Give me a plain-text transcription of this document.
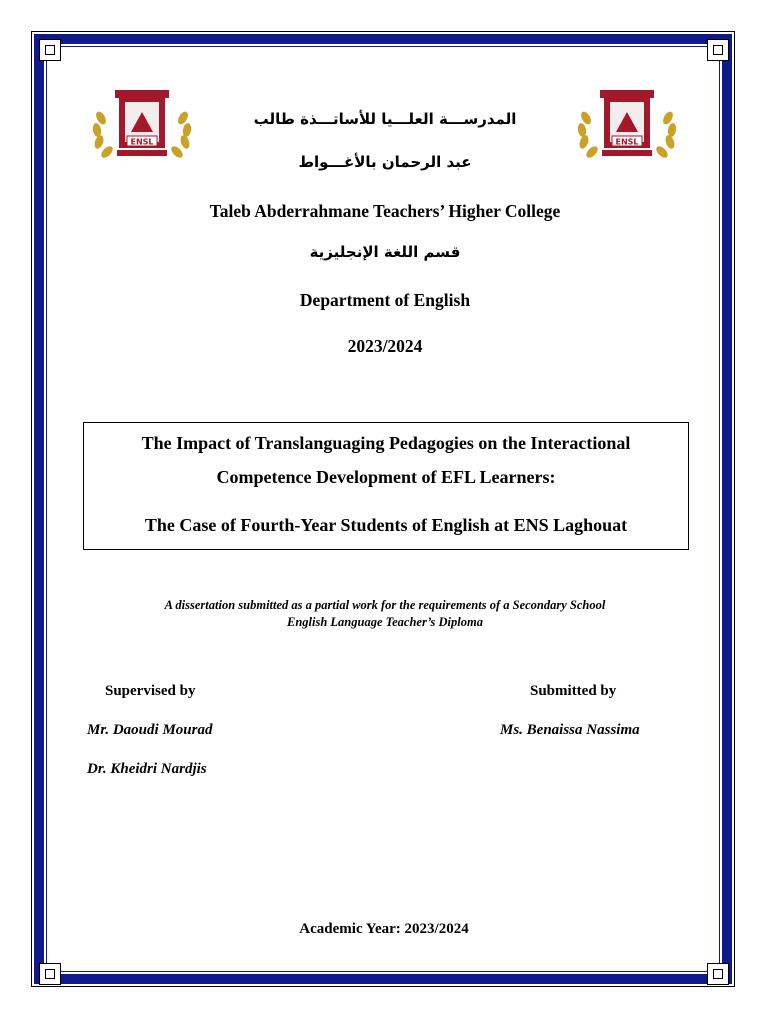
ENSL	ENSL
المدرســـة العلـــيا للأساتـــذة طالب
عبد الرحمان بالأغـــواط
Taleb Abderrahmane Teachers’ Higher College
قسم اللغة الإنجليزية
Department of English
2023/2024
The Impact of Translanguaging Pedagogies on the Interactional
Competence Development of EFL Learners:
The Case of Fourth-Year Students of English at ENS Laghouat
A dissertation submitted as a partial work for the requirements of a Secondary School
English Language Teacher’s Diploma
Supervised by	Submitted by
Mr. Daoudi Mourad	Ms. Benaissa Nassima
Dr. Kheidri Nardjis
Academic Year: 2023/2024
